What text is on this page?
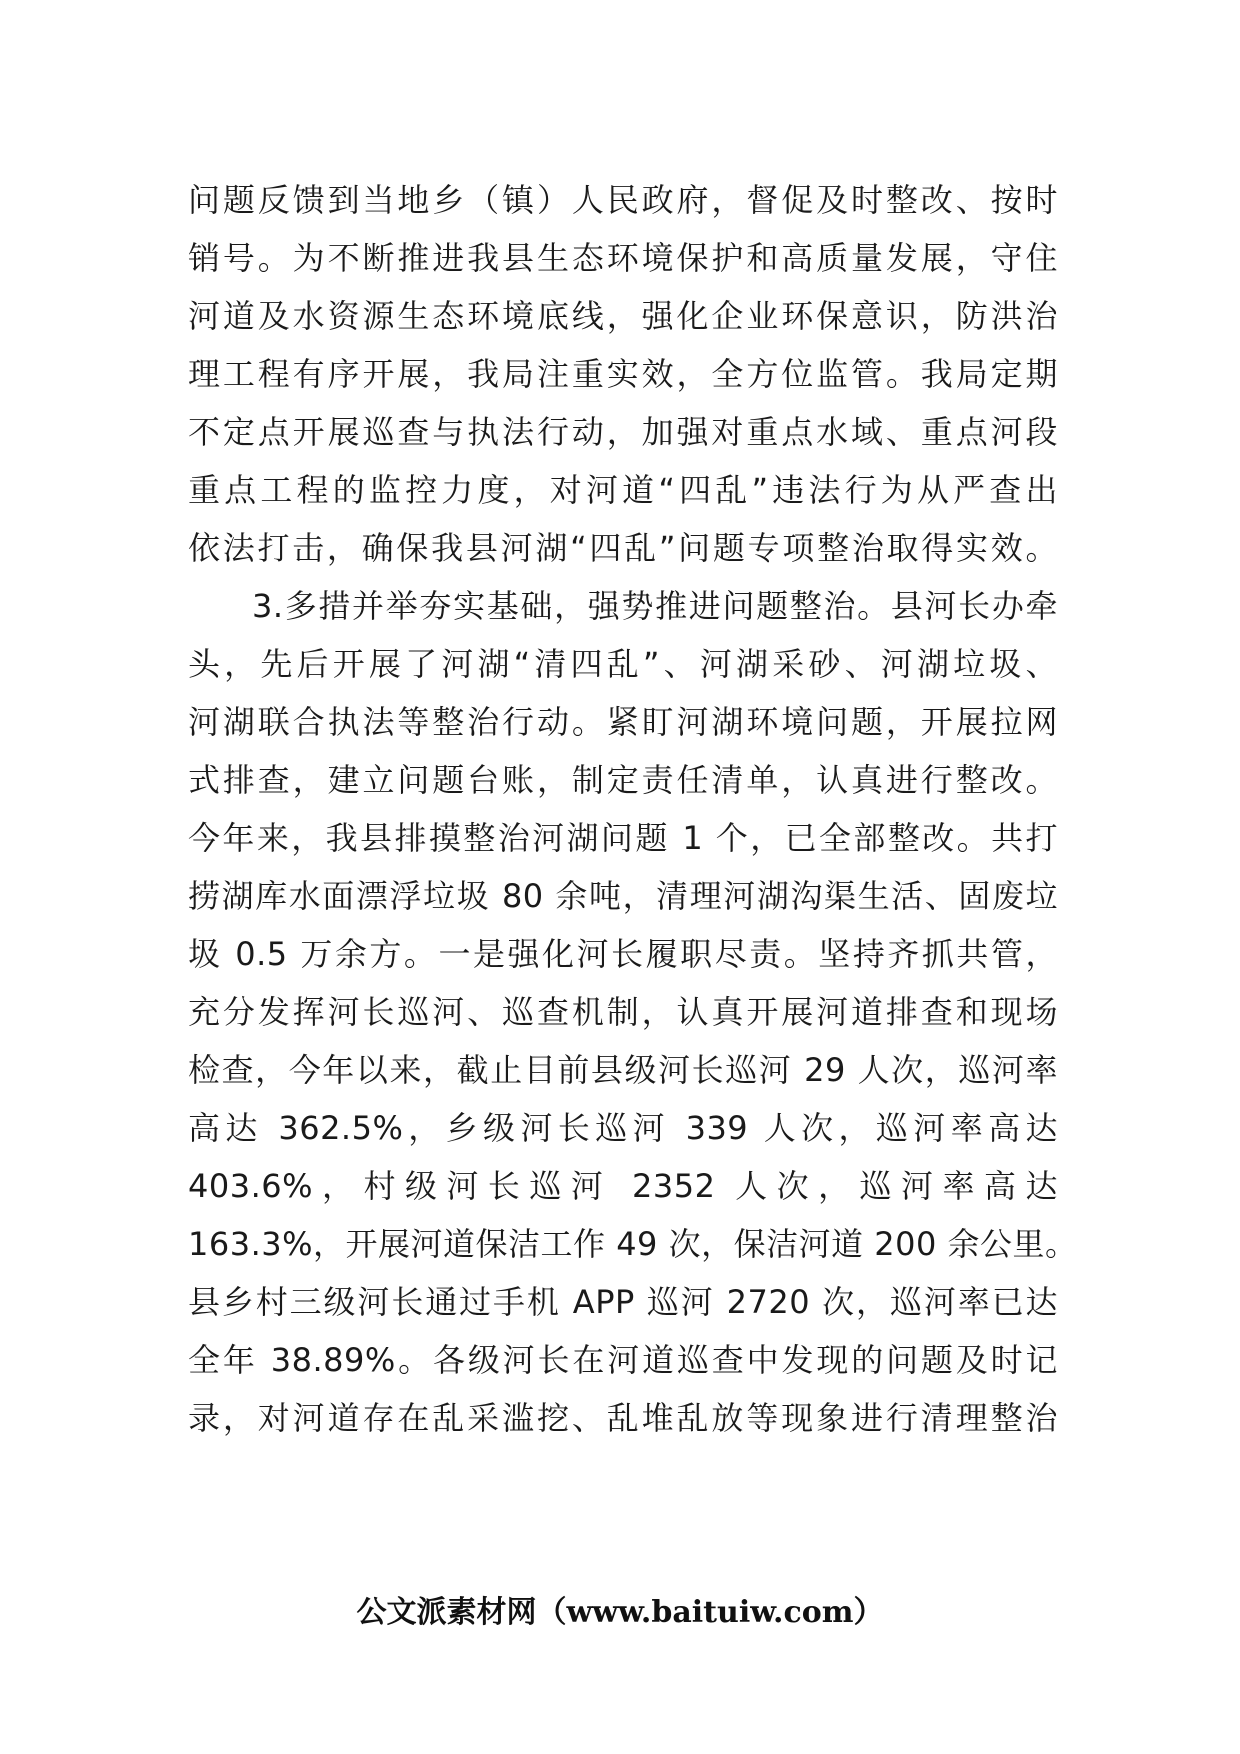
问题反馈到当地乡（镇）人民政府，督促及时整改、按时
销号。为不断推进我县生态环境保护和高质量发展，守住
河道及水资源生态环境底线，强化企业环保意识，防洪治
理工程有序开展，我局注重实效，全方位监管。我局定期
不定点开展巡查与执法行动，加强对重点水域、重点河段
重点工程的监控力度，对河道“四乱”违法行为从严查出
依法打击，确保我县河湖“四乱”问题专项整治取得实效。
3.多措并举夯实基础，强势推进问题整治。县河长办牵
头，先后开展了河湖“清四乱”、河湖采砂、河湖垃圾、
河湖联合执法等整治行动。紧盯河湖环境问题，开展拉网
式排查，建立问题台账，制定责任清单，认真进行整改。
今年来，我县排摸整治河湖问题 1 个，已全部整改。共打
捞湖库水面漂浮垃圾 80 余吨，清理河湖沟渠生活、固废垃
圾 0.5 万余方。一是强化河长履职尽责。坚持齐抓共管，
充分发挥河长巡河、巡查机制，认真开展河道排查和现场
检查，今年以来，截止目前县级河长巡河 29 人次，巡河率
高达 362.5%，乡级河长巡河 339 人次，巡河率高达
403.6%，村级河长巡河 2352 人次，巡河率高达
163.3%，开展河道保洁工作 49 次，保洁河道 200 余公里。
县乡村三级河长通过手机 APP 巡河 2720 次，巡河率已达
全年 38.89%。各级河长在河道巡查中发现的问题及时记
录，对河道存在乱采滥挖、乱堆乱放等现象进行清理整治
公文派素材网（www.baituiw.com）
